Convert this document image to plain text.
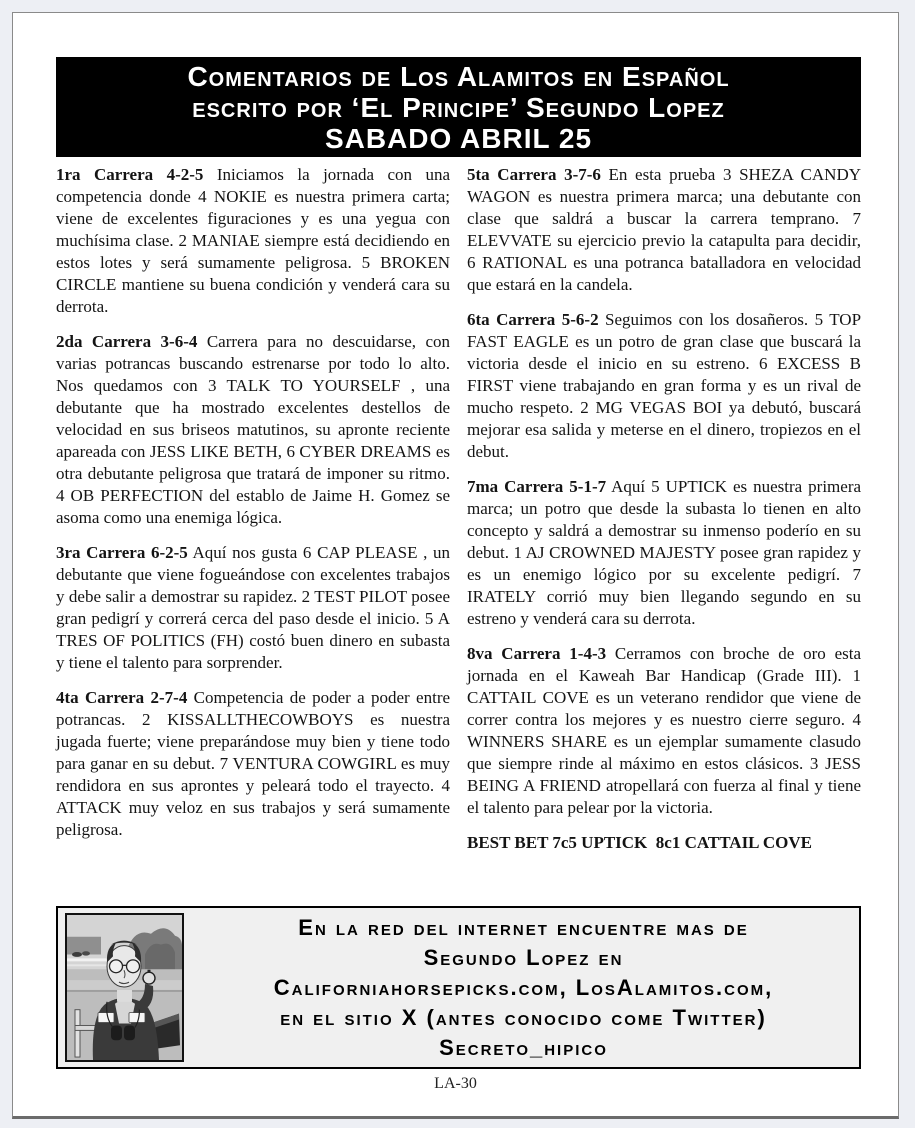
Comentarios de Los Alamitos en Español
escrito por ‘El Principe’ Segundo Lopez
SABADO ABRIL 25

1ra Carrera 4-2-5 Iniciamos la jornada con una competencia donde 4 NOKIE es nuestra primera carta; viene de excelentes figuraciones y es una yegua con muchísima clase. 2 MANIAE siempre está decidiendo en estos lotes y será sumamente peligrosa. 5 BROKEN CIRCLE mantiene su buena condición y venderá cara su derrota.

2da Carrera 3-6-4 Carrera para no descuidarse, con varias potrancas buscando estrenarse por todo lo alto. Nos quedamos con 3 TALK TO YOURSELF , una debutante que ha mostrado excelentes destellos de velocidad en sus briseos matutinos, su apronte reciente apareada con JESS LIKE BETH, 6 CYBER DREAMS es otra debutante peligrosa que tratará de imponer su ritmo. 4 OB PERFECTION del establo de Jaime H. Gomez se asoma como una enemiga lógica.

3ra Carrera 6-2-5 Aquí nos gusta 6 CAP PLEASE , un debutante que viene fogueándose con excelentes trabajos y debe salir a demostrar su rapidez. 2 TEST PILOT posee gran pedigrí y correrá cerca del paso desde el inicio. 5 A TRES OF POLITICS (FH) costó buen dinero en subasta y tiene el talento para sorprender.

4ta Carrera 2-7-4 Competencia de poder a poder entre potrancas. 2 KISSALLTHECOWBOYS es nuestra jugada fuerte; viene preparándose muy bien y tiene todo para ganar en su debut. 7 VENTURA COWGIRL es muy rendidora en sus aprontes y peleará todo el trayecto. 4 ATTACK muy veloz en sus trabajos y será sumamente peligrosa.

5ta Carrera 3-7-6 En esta prueba 3 SHEZA CANDY WAGON es nuestra primera marca; una debutante con clase que saldrá a buscar la carrera temprano. 7 ELEVVATE su ejercicio previo la catapulta para decidir, 6 RATIONAL es una potranca batalladora en velocidad que estará en la candela.

6ta Carrera 5-6-2 Seguimos con los dosañeros. 5 TOP FAST EAGLE es un potro de gran clase que buscará la victoria desde el inicio en su estreno. 6 EXCESS B FIRST viene trabajando en gran forma y es un rival de mucho respeto. 2 MG VEGAS BOI ya debutó, buscará mejorar esa salida y meterse en el dinero, tropiezos en el debut.

7ma Carrera 5-1-7 Aquí 5 UPTICK es nuestra primera marca; un potro que desde la subasta lo tienen en alto concepto y saldrá a demostrar su inmenso poderío en su debut. 1 AJ CROWNED MAJESTY posee gran rapidez y es un enemigo lógico por su excelente pedigrí. 7 IRATELY corrió muy bien llegando segundo en su estreno y venderá cara su derrota.

8va Carrera 1-4-3 Cerramos con broche de oro esta jornada en el Kaweah Bar Handicap (Grade III). 1 CATTAIL COVE es un veterano rendidor que viene de correr contra los mejores y es nuestro cierre seguro. 4 WINNERS SHARE es un ejemplar sumamente clasudo que siempre rinde al máximo en estos clásicos. 3 JESS BEING A FRIEND atropellará con fuerza al final y tiene el talento para pelear por la victoria.

BEST BET 7c5 UPTICK  8c1 CATTAIL COVE

En la red del internet encuentre mas de
Segundo Lopez en
Californiahorsepicks.com, LosAlamitos.com,
en el sitio X (antes conocido come Twitter)
Secreto_hipico
LA-30
